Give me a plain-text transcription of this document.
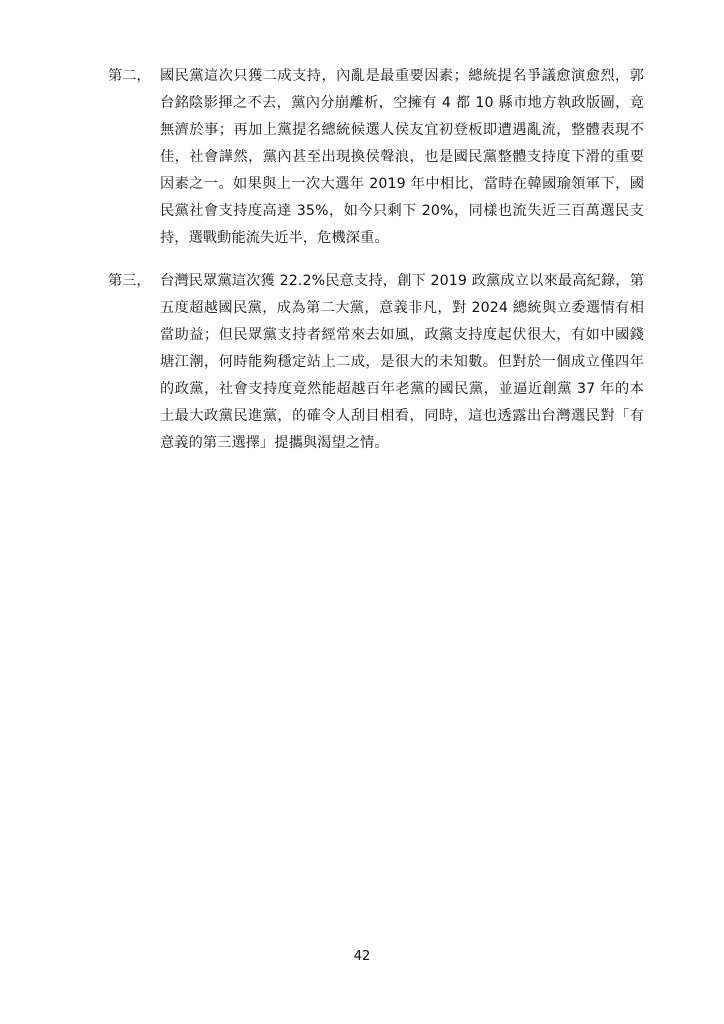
第二， 國民黨這次只獲二成支持，內亂是最重要因素；總統提名爭議愈演愈烈，郭
台銘陰影揮之不去，黨內分崩離析，空擁有 4 都 10 縣市地方執政版圖，竟
無濟於事；再加上黨提名總統候選人侯友宜初登板即遭遇亂流，整體表現不
佳，社會譁然，黨內甚至出現換侯聲浪，也是國民黨整體支持度下滑的重要
因素之一。如果與上一次大選年 2019 年中相比，當時在韓國瑜領軍下，國
民黨社會支持度高達 35%，如今只剩下 20%，同樣也流失近三百萬選民支
持，選戰動能流失近半，危機深重。
第三， 台灣民眾黨這次獲 22.2%民意支持，創下 2019 政黨成立以來最高紀錄，第
五度超越國民黨，成為第二大黨，意義非凡，對 2024 總統與立委選情有相
當助益；但民眾黨支持者經常來去如風，政黨支持度起伏很大，有如中國錢
塘江潮，何時能夠穩定站上二成，是很大的未知數。但對於一個成立僅四年
的政黨，社會支持度竟然能超越百年老黨的國民黨，並逼近創黨 37 年的本
土最大政黨民進黨，的確令人刮目相看，同時，這也透露出台灣選民對「有
意義的第三選擇」提攜與渴望之情。
42
